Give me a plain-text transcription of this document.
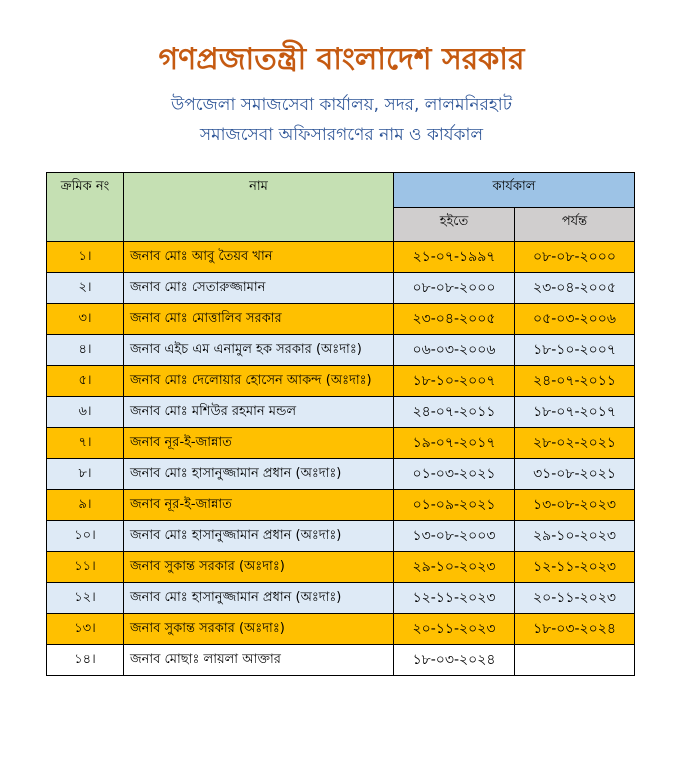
গণপ্রজাতন্ত্রী বাংলাদেশ সরকার
উপজেলা সমাজসেবা কার্যালয়, সদর, লালমনিরহাট
সমাজসেবা অফিসারগণের নাম ও কার্যকাল
ক্রমিক নং	নাম	কার্যকাল	
		হইতে	পর্যন্ত
১।	জনাব মোঃ আবু তৈয়ব খান	২১-০৭-১৯৯৭	০৮-০৮-২০০০
২।	জনাব মোঃ সেতারুজ্জামান	০৮-০৮-২০০০	২৩-০৪-২০০৫
৩।	জনাব মোঃ মোত্তালিব সরকার	২৩-০৪-২০০৫	০৫-০৩-২০০৬
৪।	জনাব এইচ এম এনামুল হক সরকার (অঃদাঃ)	০৬-০৩-২০০৬	১৮-১০-২০০৭
৫।	জনাব মোঃ দেলোয়ার হোসেন আকন্দ (অঃদাঃ)	১৮-১০-২০০৭	২৪-০৭-২০১১
৬।	জনাব মোঃ মশিউর রহমান মন্ডল	২৪-০৭-২০১১	১৮-০৭-২০১৭
৭।	জনাব নূর-ই-জান্নাত	১৯-০৭-২০১৭	২৮-০২-২০২১
৮।	জনাব মোঃ হাসানুজ্জামান প্রধান (অঃদাঃ)	০১-০৩-২০২১	৩১-০৮-২০২১
৯।	জনাব নূর-ই-জান্নাত	০১-০৯-২০২১	১৩-০৮-২০২৩
১০।	জনাব মোঃ হাসানুজ্জামান প্রধান (অঃদাঃ)	১৩-০৮-২০০৩	২৯-১০-২০২৩
১১।	জনাব সুকান্ত সরকার (অঃদাঃ)	২৯-১০-২০২৩	১২-১১-২০২৩
১২।	জনাব মোঃ হাসানুজ্জামান প্রধান (অঃদাঃ)	১২-১১-২০২৩	২০-১১-২০২৩
১৩।	জনাব সুকান্ত সরকার (অঃদাঃ)	২০-১১-২০২৩	১৮-০৩-২০২৪
১৪।	জনাব মোছাঃ লায়লা আক্তার	১৮-০৩-২০২৪	
